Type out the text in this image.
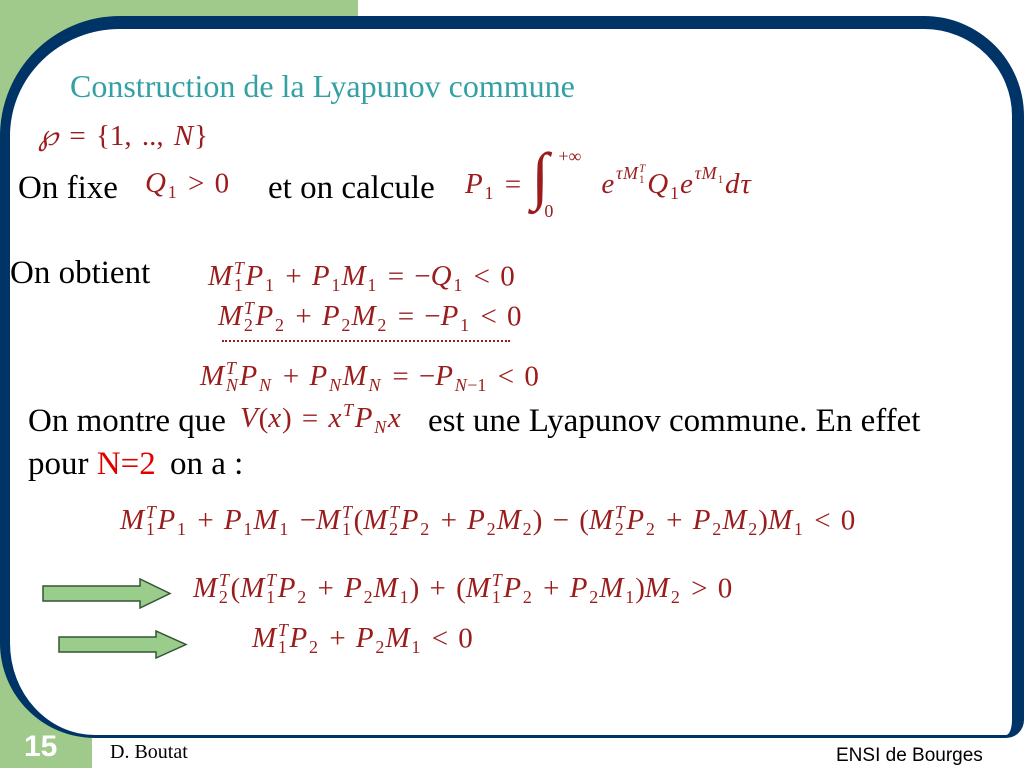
Construction de la Lyapunov commune
℘ = {1, .., N}
On fixe Q 1 > 0 et on calcule P 1 = ∫ +∞
0
e τM T
1 Q 1 e τM 1 dτ
On obtient M T
1 P 1 + P 1 M 1 = −Q 1 < 0
M T
2 P 2 + P 2 M 2 = −P 1 < 0
M T
N P N + P N M N = −P N−1 < 0
On montre que V(x) = x T P N x est une Lyapunov commune. En effet
pour N=2 on a :
M T
1 P 1 + P 1 M 1 −M T
1 (M T
2 P 2 + P 2 M 2 ) − (M T
2 P 2 + P 2 M 2 )M 1 < 0
M T
2 (M T
1 P 2 + P 2 M 1 ) + (M T
1 P 2 + P 2 M 1 )M 2 > 0
M T
1 P 2 + P 2 M 1 < 0
15	D. Boutat	ENSI de Bourges
